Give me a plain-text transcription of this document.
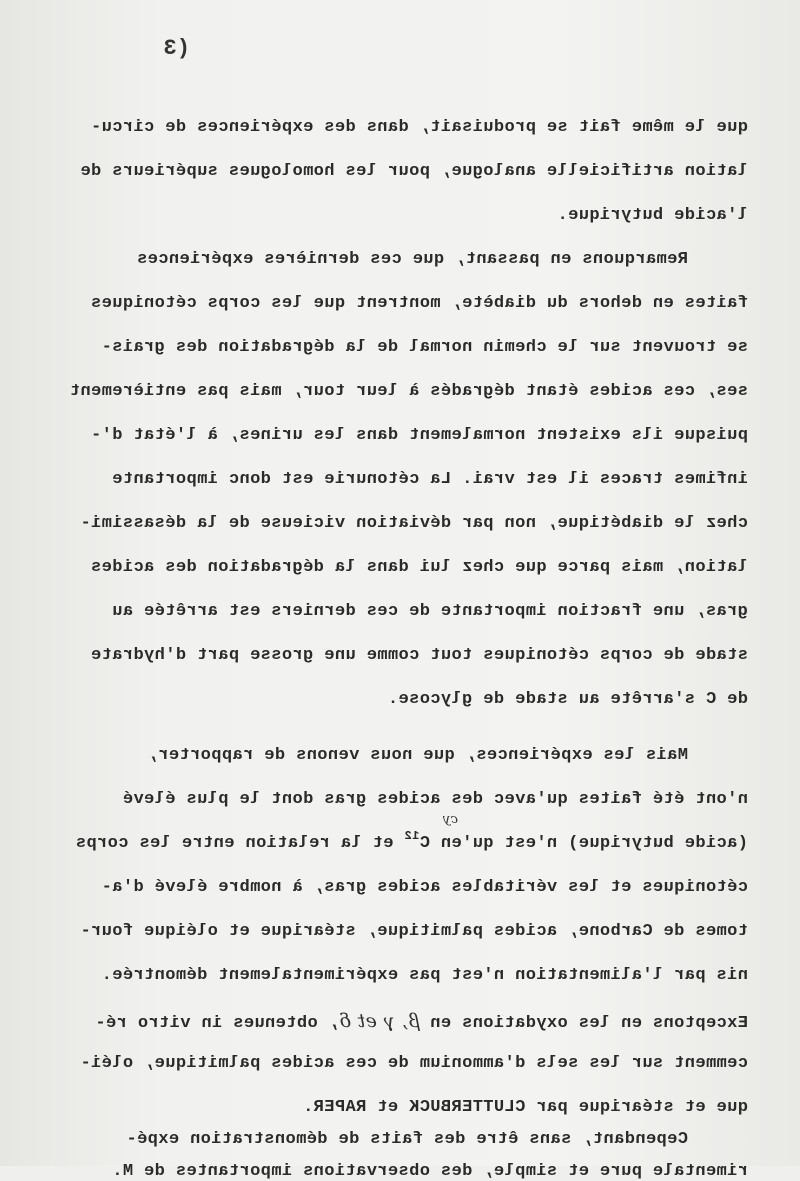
(3
que le même fait se produisait, dans des expériences de circu-
lation artificielle analogue, pour les homologues supérieurs de
l'acide butyrique.
Remarquons en passant, que ces dernières expériences
faites en dehors du diabète, montrent que les corps cétoniques
se trouvent sur le chemin normal de la dégradation des grais-
ses, ces acides étant dégradés à leur tour, mais pas entièrement
puisque ils existent normalement dans les urines, à l'état d'-
infimes traces il est vrai. La cétonurie est donc importante
chez le diabétique, non par déviation vicieuse de la désassimi-
lation, mais parce que chez lui dans la dégradation des acides
gras, une fraction importante de ces derniers est arrêtée au
stade de corps cétoniques tout comme une grosse part d'hydrate
de C s'arrête au stade de glycose.
Mais les expériences, que nous venons de rapporter,
n'ont été faites qu'avec des acides gras dont le plus élevé
(acide butyrique) n'est qu'en $C^{12}$ et la relation entre les corps
cy
cétoniques et les véritables acides gras, à nombre élevé d'a-
tomes de Carbone, acides palmitique, stéarique et oléique four-
nis par l'alimentation n'est pas expérimentalement démontrée.
Exceptons en les oxydations en β, γ et δ, obtenues in vitro ré-
cemment sur les sels d'ammonium de ces acides palmitique, oléi-
que et stéarique par CLUTTERBUCK et RAPER.
Cependant, sans être des faits de démonstration expé-
rimentale pure et simple, des observations importantes de M.
